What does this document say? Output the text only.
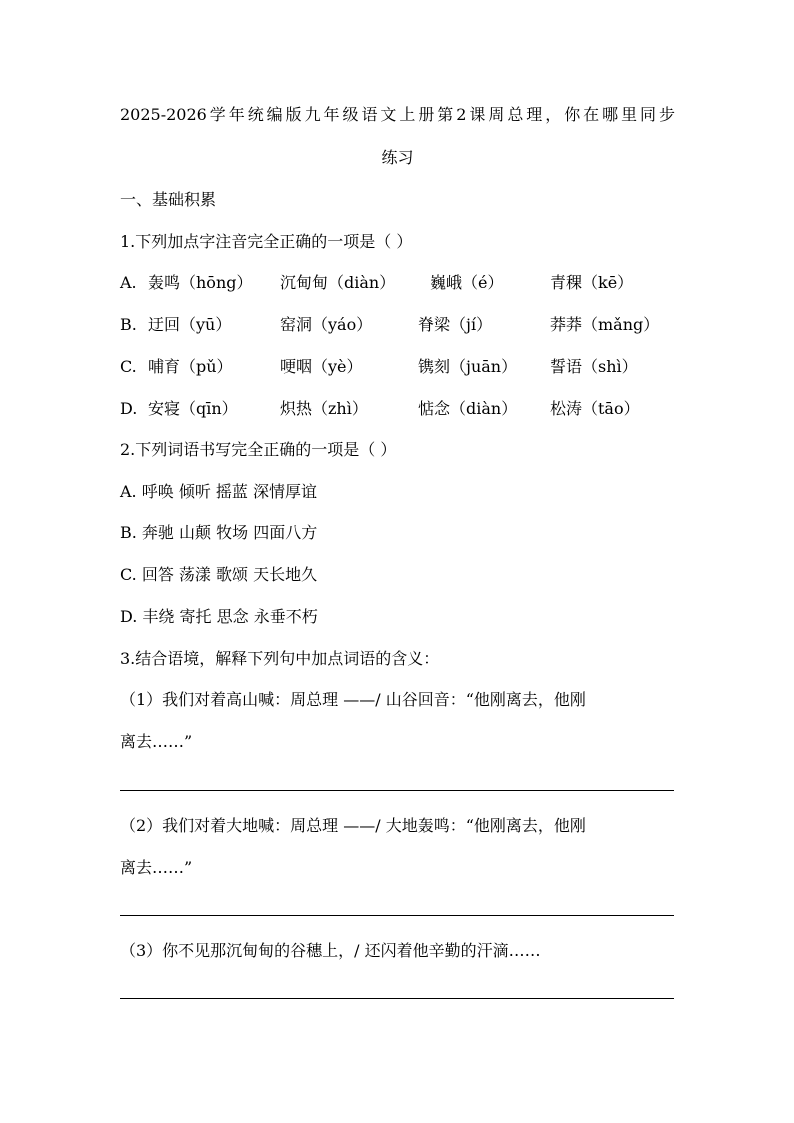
2025-2026学年统编版九年级语文上册第2课周总理，你在哪里同步
练习
一、基础积累
1.下列加点字注音完全正确的一项是（ ）
A. 轰鸣（hōng） 沉甸甸（diàn） 巍峨（é）	青稞（kē）
B. 迂回（yū）	窑洞（yáo）	脊梁（jí）	莽莽（mǎng）
C. 哺育（pǔ）	哽咽（yè）	镌刻（juān） 誓语（shì）
D. 安寝（qīn）	炽热（zhì）	惦念（diàn） 松涛（tāo）
2.下列词语书写完全正确的一项是（ ）
A. 呼唤 倾听 摇蓝 深情厚谊
B. 奔驰 山颠 牧场 四面八方
C. 回答 荡漾 歌颂 天长地久
D. 丰绕 寄托 思念 永垂不朽
3.结合语境，解释下列句中加点词语的含义：
（1）我们对着高山喊：周总理 ——/ 山谷回音：“他刚离去，他刚
离去……”
（2）我们对着大地喊：周总理 ——/ 大地轰鸣：“他刚离去，他刚
离去……”
（3）你不见那沉甸甸的谷穗上，/ 还闪着他辛勤的汗滴……
